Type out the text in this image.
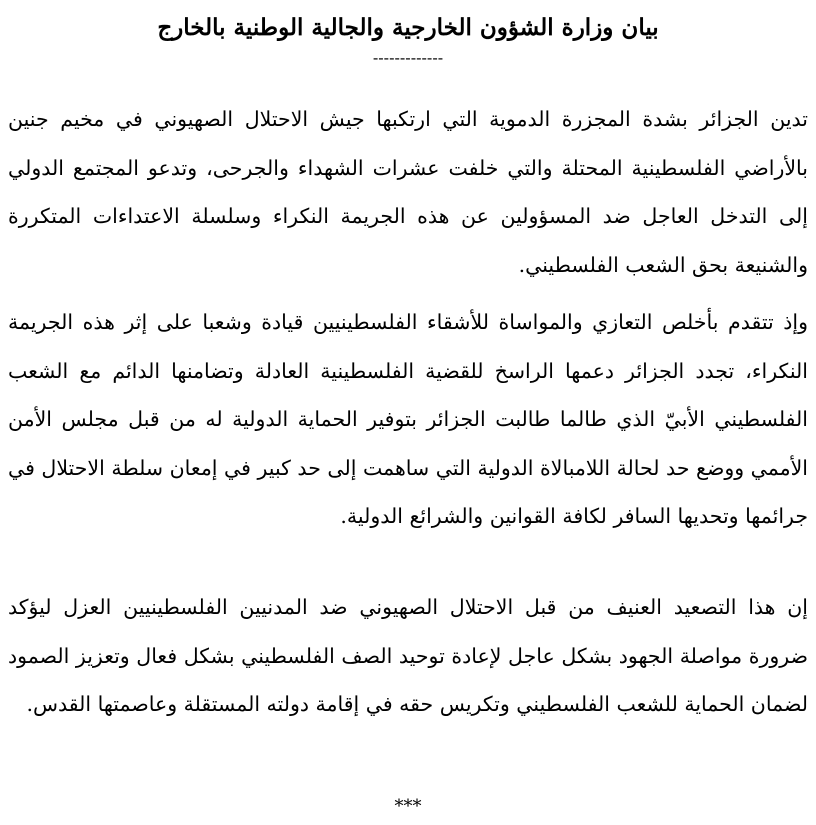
بيان وزارة الشؤون الخارجية والجالية الوطنية بالخارج
-------------

تدين الجزائر بشدة المجزرة الدموية التي ارتكبها جيش الاحتلال الصهيوني في مخيم جنين بالأراضي الفلسطينية المحتلة والتي خلفت عشرات الشهداء والجرحى، وتدعو المجتمع الدولي إلى التدخل العاجل ضد المسؤولين عن هذه الجريمة النكراء وسلسلة الاعتداءات المتكررة والشنيعة بحق الشعب الفلسطيني.

وإذ تتقدم بأخلص التعازي والمواساة للأشقاء الفلسطينيين قيادة وشعبا على إثر هذه الجريمة النكراء، تجدد الجزائر دعمها الراسخ للقضية الفلسطينية العادلة وتضامنها الدائم مع الشعب الفلسطيني الأبيّ الذي طالما طالبت الجزائر بتوفير الحماية الدولية له من قبل مجلس الأمن الأممي ووضع حد لحالة اللامبالاة الدولية التي ساهمت إلى حد كبير في إمعان سلطة الاحتلال في جرائمها وتحديها السافر لكافة القوانين والشرائع الدولية.

إن هذا التصعيد العنيف من قبل الاحتلال الصهيوني ضد المدنيين الفلسطينيين العزل ليؤكد ضرورة مواصلة الجهود بشكل عاجل لإعادة توحيد الصف الفلسطيني بشكل فعال وتعزيز الصمود لضمان الحماية للشعب الفلسطيني وتكريس حقه في إقامة دولته المستقلة وعاصمتها القدس.

***
